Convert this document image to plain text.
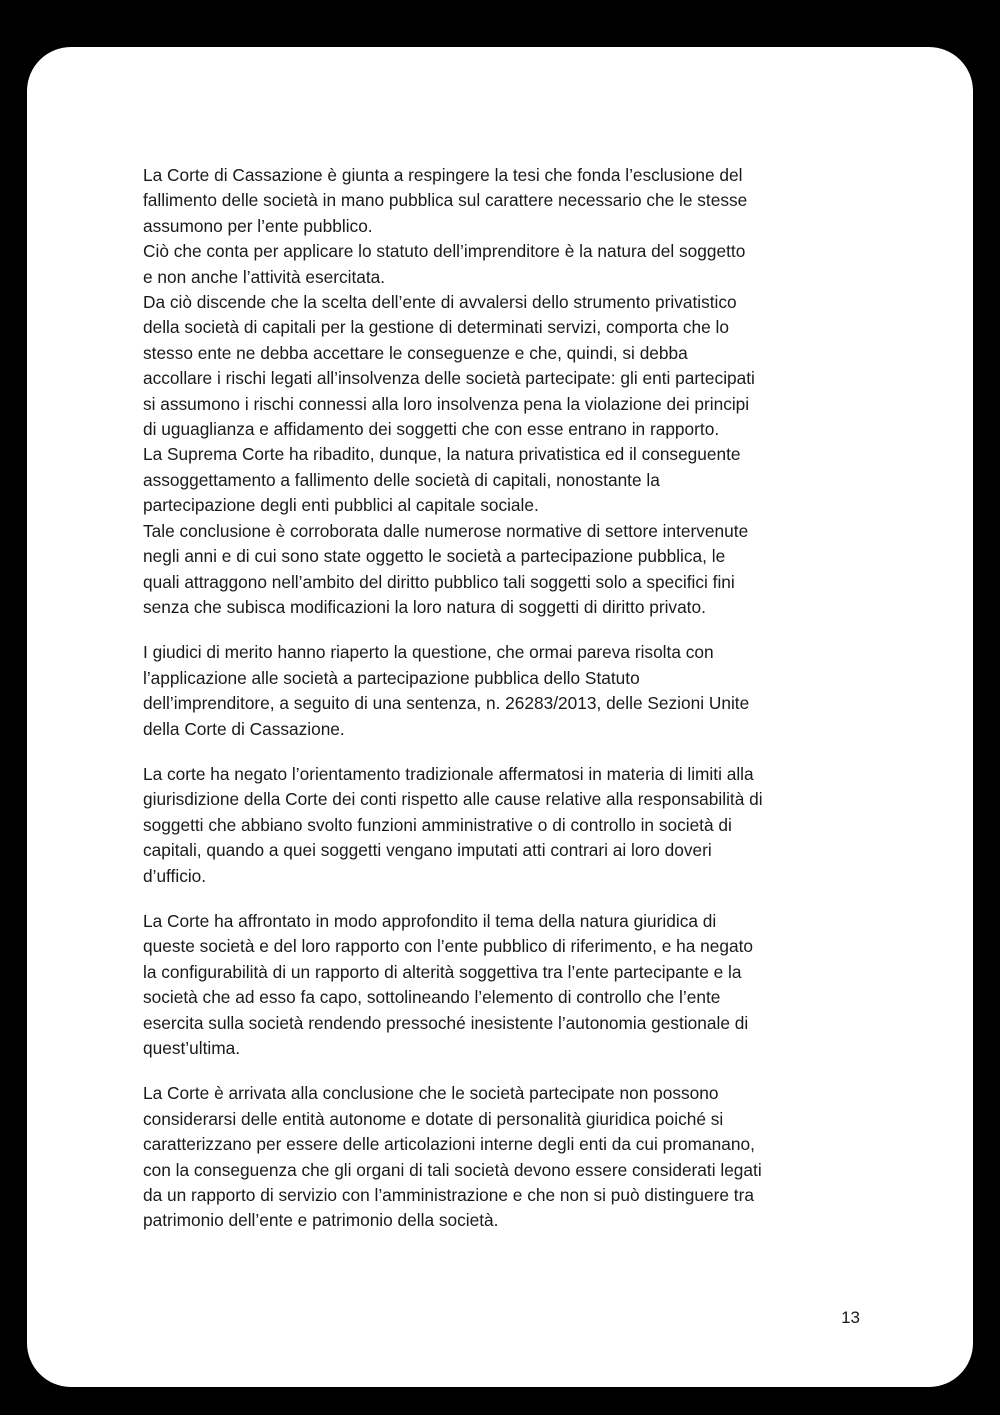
La Corte di Cassazione è giunta a respingere la tesi che fonda l’esclusione del
fallimento delle società in mano pubblica sul carattere necessario che le stesse
assumono per l’ente pubblico.

Ciò che conta per applicare lo statuto dell’imprenditore è la natura del soggetto
e non anche l’attività esercitata.

Da ciò discende che la scelta dell’ente di avvalersi dello strumento privatistico
della società di capitali per la gestione di determinati servizi, comporta che lo
stesso ente ne debba accettare le conseguenze e che, quindi, si debba
accollare i rischi legati all’insolvenza delle società partecipate: gli enti partecipati
si assumono i rischi connessi alla loro insolvenza pena la violazione dei principi
di uguaglianza e affidamento dei soggetti che con esse entrano in rapporto.

La Suprema Corte ha ribadito, dunque, la natura privatistica ed il conseguente
assoggettamento a fallimento delle società di capitali, nonostante la
partecipazione degli enti pubblici al capitale sociale.

Tale conclusione è corroborata dalle numerose normative di settore intervenute
negli anni e di cui sono state oggetto le società a partecipazione pubblica, le
quali attraggono nell’ambito del diritto pubblico tali soggetti solo a specifici fini
senza che subisca modificazioni la loro natura di soggetti di diritto privato.

I giudici di merito hanno riaperto la questione, che ormai pareva risolta con
l’applicazione alle società a partecipazione pubblica dello Statuto
dell’imprenditore, a seguito di una sentenza, n. 26283/2013, delle Sezioni Unite
della Corte di Cassazione.

La corte ha negato l’orientamento tradizionale affermatosi in materia di limiti alla
giurisdizione della Corte dei conti rispetto alle cause relative alla responsabilità di
soggetti che abbiano svolto funzioni amministrative o di controllo in società di
capitali, quando a quei soggetti vengano imputati atti contrari ai loro doveri
d’ufficio.

La Corte ha affrontato in modo approfondito il tema della natura giuridica di
queste società e del loro rapporto con l’ente pubblico di riferimento, e ha negato
la configurabilità di un rapporto di alterità soggettiva tra l’ente partecipante e la
società che ad esso fa capo, sottolineando l’elemento di controllo che l’ente
esercita sulla società rendendo pressoché inesistente l’autonomia gestionale di
quest’ultima.

La Corte è arrivata alla conclusione che le società partecipate non possono
considerarsi delle entità autonome e dotate di personalità giuridica poiché si
caratterizzano per essere delle articolazioni interne degli enti da cui promanano,
con la conseguenza che gli organi di tali società devono essere considerati legati
da un rapporto di servizio con l’amministrazione e che non si può distinguere tra
patrimonio dell’ente e patrimonio della società.

13
